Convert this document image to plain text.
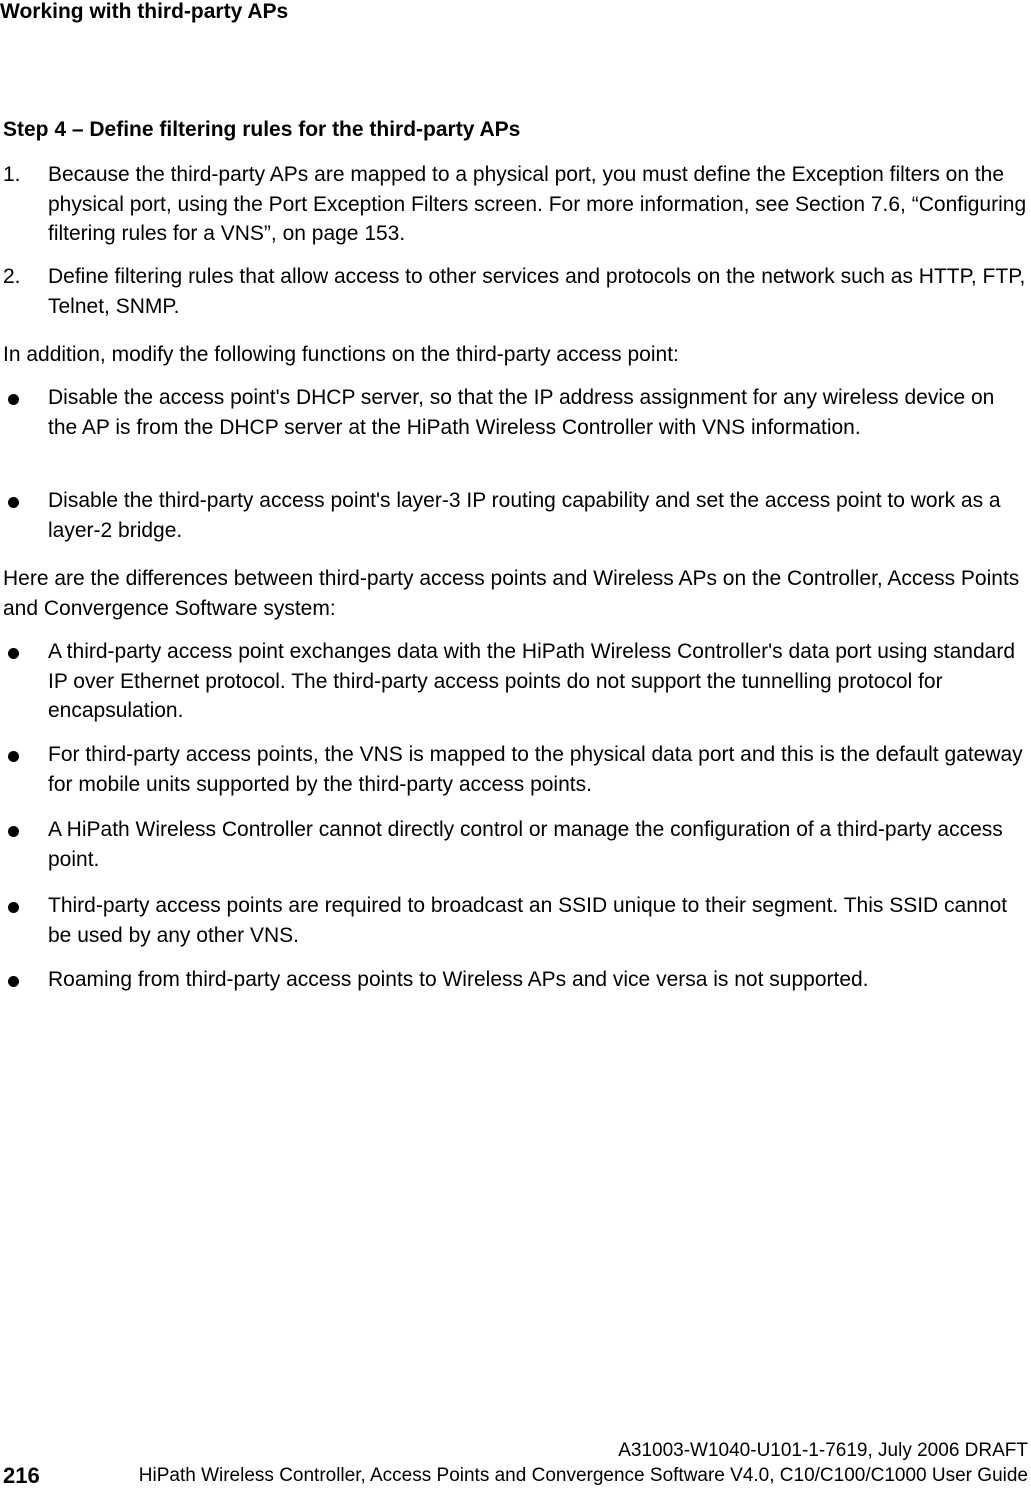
Working with third-party APs
Step 4 – Define filtering rules for the third-party APs
1. Because the third-party APs are mapped to a physical port, you must define the Exception filters on the physical port, using the Port Exception Filters screen. For more information, see Section 7.6, “Configuring filtering rules for a VNS”, on page 153.
2. Define filtering rules that allow access to other services and protocols on the network such as HTTP, FTP, Telnet, SNMP.
In addition, modify the following functions on the third-party access point:
Disable the access point's DHCP server, so that the IP address assignment for any wireless device on the AP is from the DHCP server at the HiPath Wireless Controller with VNS information.
Disable the third-party access point's layer-3 IP routing capability and set the access point to work as a layer-2 bridge.
Here are the differences between third-party access points and Wireless APs on the Controller, Access Points and Convergence Software system:
A third-party access point exchanges data with the HiPath Wireless Controller's data port using standard IP over Ethernet protocol. The third-party access points do not support the tunnelling protocol for encapsulation.
For third-party access points, the VNS is mapped to the physical data port and this is the default gateway for mobile units supported by the third-party access points.
A HiPath Wireless Controller cannot directly control or manage the configuration of a third-party access point.
Third-party access points are required to broadcast an SSID unique to their segment. This SSID cannot be used by any other VNS.
Roaming from third-party access points to Wireless APs and vice versa is not supported.
A31003-W1040-U101-1-7619, July 2006 DRAFT
216	HiPath Wireless Controller, Access Points and Convergence Software V4.0, C10/C100/C1000 User Guide
